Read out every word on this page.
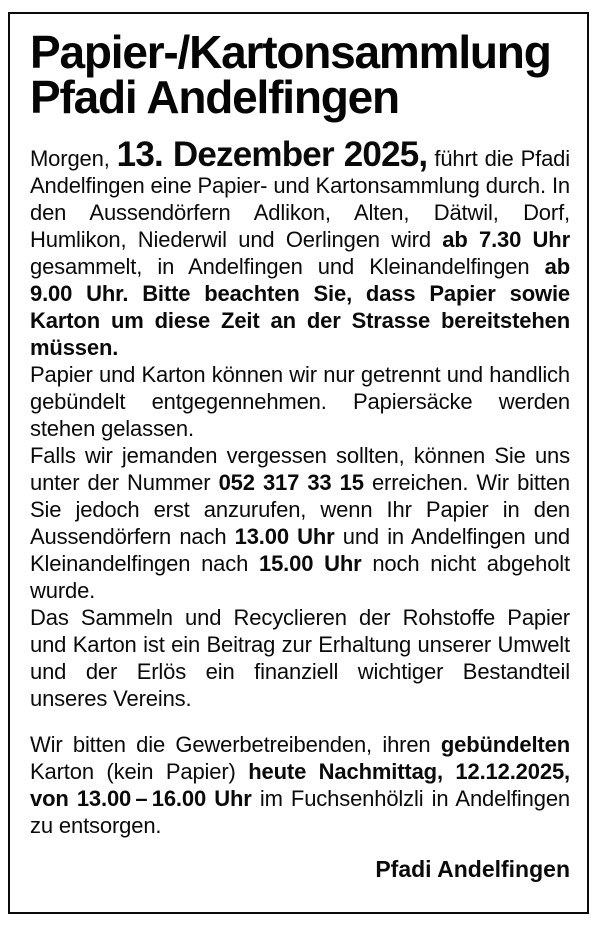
Papier-/Kartonsammlung
Pfadi Andelfingen

Morgen, 13. Dezember 2025, führt die Pfadi Andelfingen eine Papier- und Kartonsammlung durch. In den Aussendörfern Adlikon, Alten, Dätwil, Dorf, Humlikon, Niederwil und Oerlingen wird ab 7.30 Uhr gesammelt, in Andelfingen und Kleinandelfingen ab 9.00 Uhr. Bitte beachten Sie, dass Papier sowie Karton um diese Zeit an der Strasse bereitstehen müssen.

Papier und Karton können wir nur getrennt und handlich gebündelt entgegennehmen. Papiersäcke werden stehen gelassen.

Falls wir jemanden vergessen sollten, können Sie uns unter der Nummer 052 317 33 15 erreichen. Wir bitten Sie jedoch erst anzurufen, wenn Ihr Papier in den Aussendörfern nach 13.00 Uhr und in Andelfingen und Kleinandelfingen nach 15.00 Uhr noch nicht abgeholt wurde.

Das Sammeln und Recyclieren der Rohstoffe Papier und Karton ist ein Beitrag zur Erhaltung unserer Umwelt und der Erlös ein finanziell wichtiger Bestandteil unseres Vereins.

Wir bitten die Gewerbetreibenden, ihren gebündelten Karton (kein Papier) heute Nachmittag, 12.12.2025, von 13.00 – 16.00 Uhr im Fuchsenhölzli in Andelfingen zu entsorgen.

Pfadi Andelfingen
